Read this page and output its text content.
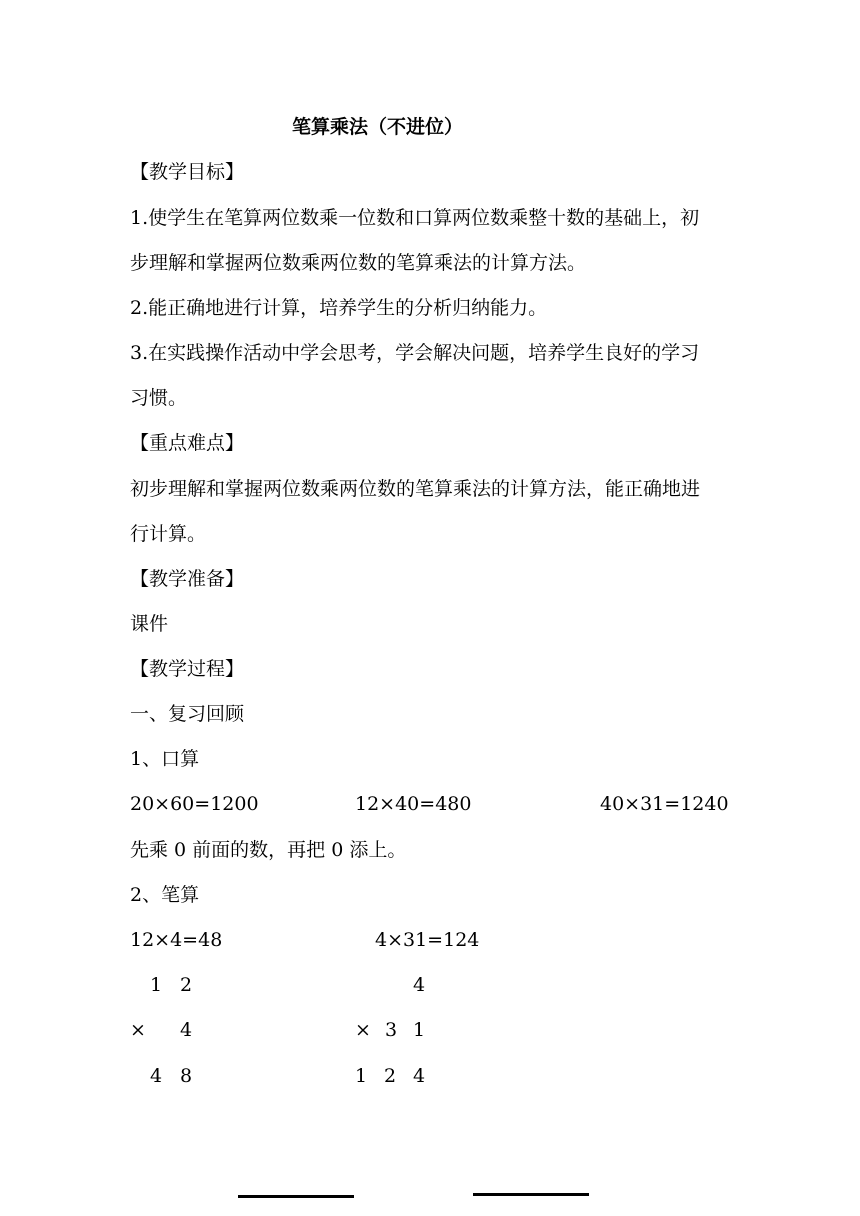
笔算乘法（不进位）
【教学目标】
1.使学生在笔算两位数乘一位数和口算两位数乘整十数的基础上，初
步理解和掌握两位数乘两位数的笔算乘法的计算方法。
2.能正确地进行计算，培养学生的分析归纳能力。
3.在实践操作活动中学会思考，学会解决问题，培养学生良好的学习
习惯。
【重点难点】
初步理解和掌握两位数乘两位数的笔算乘法的计算方法，能正确地进
行计算。
【教学准备】
课件
【教学过程】
一、复习回顾
1、口算
20×60=1200	12×40=480	40×31=1240
先乘 0 前面的数，再把 0 添上。
2、笔算
12×4=48	4×31=124
1 2
× 4
4 8
4
× 3 1
1 2 4
